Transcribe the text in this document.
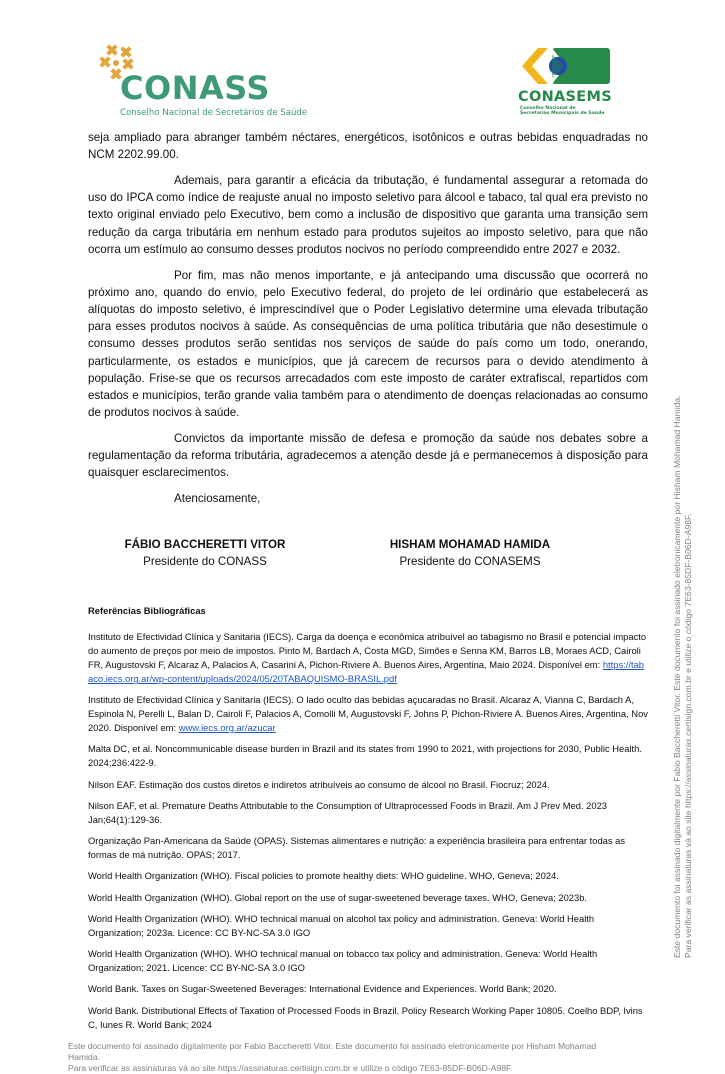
CONASS
Conselho Nacional de Secretários de Saúde
CONASEMS
Conselho Nacional de
Secretarias Municipais de Saúde

seja ampliado para abranger também néctares, energéticos, isotônicos e outras bebidas enquadradas no NCM 2202.99.00.

Ademais, para garantir a eficácia da tributação, é fundamental assegurar a retomada do uso do IPCA como índice de reajuste anual no imposto seletivo para álcool e tabaco, tal qual era previsto no texto original enviado pelo Executivo, bem como a inclusão de dispositivo que garanta uma transição sem redução da carga tributária em nenhum estado para produtos sujeitos ao imposto seletivo, para que não ocorra um estímulo ao consumo desses produtos nocivos no período compreendido entre 2027 e 2032.

Por fim, mas não menos importante, e já antecipando uma discussão que ocorrerá no próximo ano, quando do envio, pelo Executivo federal, do projeto de lei ordinário que estabelecerá as alíquotas do imposto seletivo, é imprescindível que o Poder Legislativo determine uma elevada tributação para esses produtos nocivos à saúde. As consequências de uma política tributária que não desestimule o consumo desses produtos serão sentidas nos serviços de saúde do país como um todo, onerando, particularmente, os estados e municípios, que já carecem de recursos para o devido atendimento à população. Frise-se que os recursos arrecadados com este imposto de caráter extrafiscal, repartidos com estados e municípios, terão grande valia também para o atendimento de doenças relacionadas ao consumo de produtos nocivos à saúde.

Convictos da importante missão de defesa e promoção da saúde nos debates sobre a regulamentação da reforma tributária, agradecemos a atenção desde já e permanecemos à disposição para quaisquer esclarecimentos.

Atenciosamente,
FÁBIO BACCHERETTI VITOR
Presidente do CONASS
HISHAM MOHAMAD HAMIDA
Presidente do CONASEMS
Referências Bibliográficas

Instituto de Efectividad Clínica y Sanitaria (IECS). Carga da doença e econômica atribuível ao tabagismo no Brasil e potencial impacto do aumento de preços por meio de impostos. Pinto M, Bardach A, Costa MGD, Simões e Senna KM, Barros LB, Moraes ACD, Cairoli FR, Augustovski F, Alcaraz A, Palacios A, Casarini A, Pichon-Riviere A. Buenos Aires, Argentina, Maio 2024. Disponível em: https://tabaco.iecs.org.ar/wp-content/uploads/2024/05/20TABAQUISMO-BRASIL.pdf

Instituto de Efectividad Clínica y Sanitaria (IECS). O lado oculto das bebidas açucaradas no Brasil. Alcaraz A, Vianna C, Bardach A, Espinola N, Perelli L, Balan D, Cairoli F, Palacios A, Comolli M, Augustovski F, Johns P, Pichon-Riviere A. Buenos Aires, Argentina, Nov 2020. Disponível em: www.iecs.org.ar/azucar

Malta DC, et al. Noncommunicable disease burden in Brazil and its states from 1990 to 2021, with projections for 2030, Public Health. 2024;236:422-9.

Nilson EAF. Estimação dos custos diretos e indiretos atribuíveis ao consumo de álcool no Brasil. Fiocruz; 2024.

Nilson EAF, et al. Premature Deaths Attributable to the Consumption of Ultraprocessed Foods in Brazil. Am J Prev Med. 2023 Jan;64(1):129-36.

Organização Pan-Americana da Saúde (OPAS). Sistemas alimentares e nutrição: a experiência brasileira para enfrentar todas as formas de má nutrição. OPAS; 2017.

World Health Organization (WHO). Fiscal policies to promote healthy diets: WHO guideline. WHO, Geneva; 2024.

World Health Organization (WHO). Global report on the use of sugar-sweetened beverage taxes. WHO, Geneva; 2023b.

World Health Organization (WHO). WHO technical manual on alcohol tax policy and administration. Geneva: World Health Organization; 2023a. Licence: CC BY-NC-SA 3.0 IGO

World Health Organization (WHO). WHO technical manual on tobacco tax policy and administration. Geneva: World Health Organization; 2021. Licence: CC BY-NC-SA 3.0 IGO

World Bank. Taxes on Sugar-Sweetened Beverages: International Evidence and Experiences. World Bank; 2020.

World Bank. Distributional Effects of Taxation of Processed Foods in Brazil. Policy Research Working Paper 10805. Coelho BDP, Ivins C, Iunes R. World Bank; 2024

Este documento foi assinado digitalmente por Fabio Baccheretti Vitor. Este documento foi assinado eletronicamente por Hisham Mohamad Hamida.
Para verificar as assinaturas vá ao site https://assinaturas.certisign.com.br e utilize o código 7E63-85DF-B06D-A98F.
Este documento foi assinado digitalmente por Fabio Baccheretti Vitor. Este documento foi assinado eletronicamente por Hisham Mohamad Hamida. Para verificar as assinaturas vá ao site https://assinaturas.certisign.com.br e utilize o código 7E63-85DF-B06D-A98F.
